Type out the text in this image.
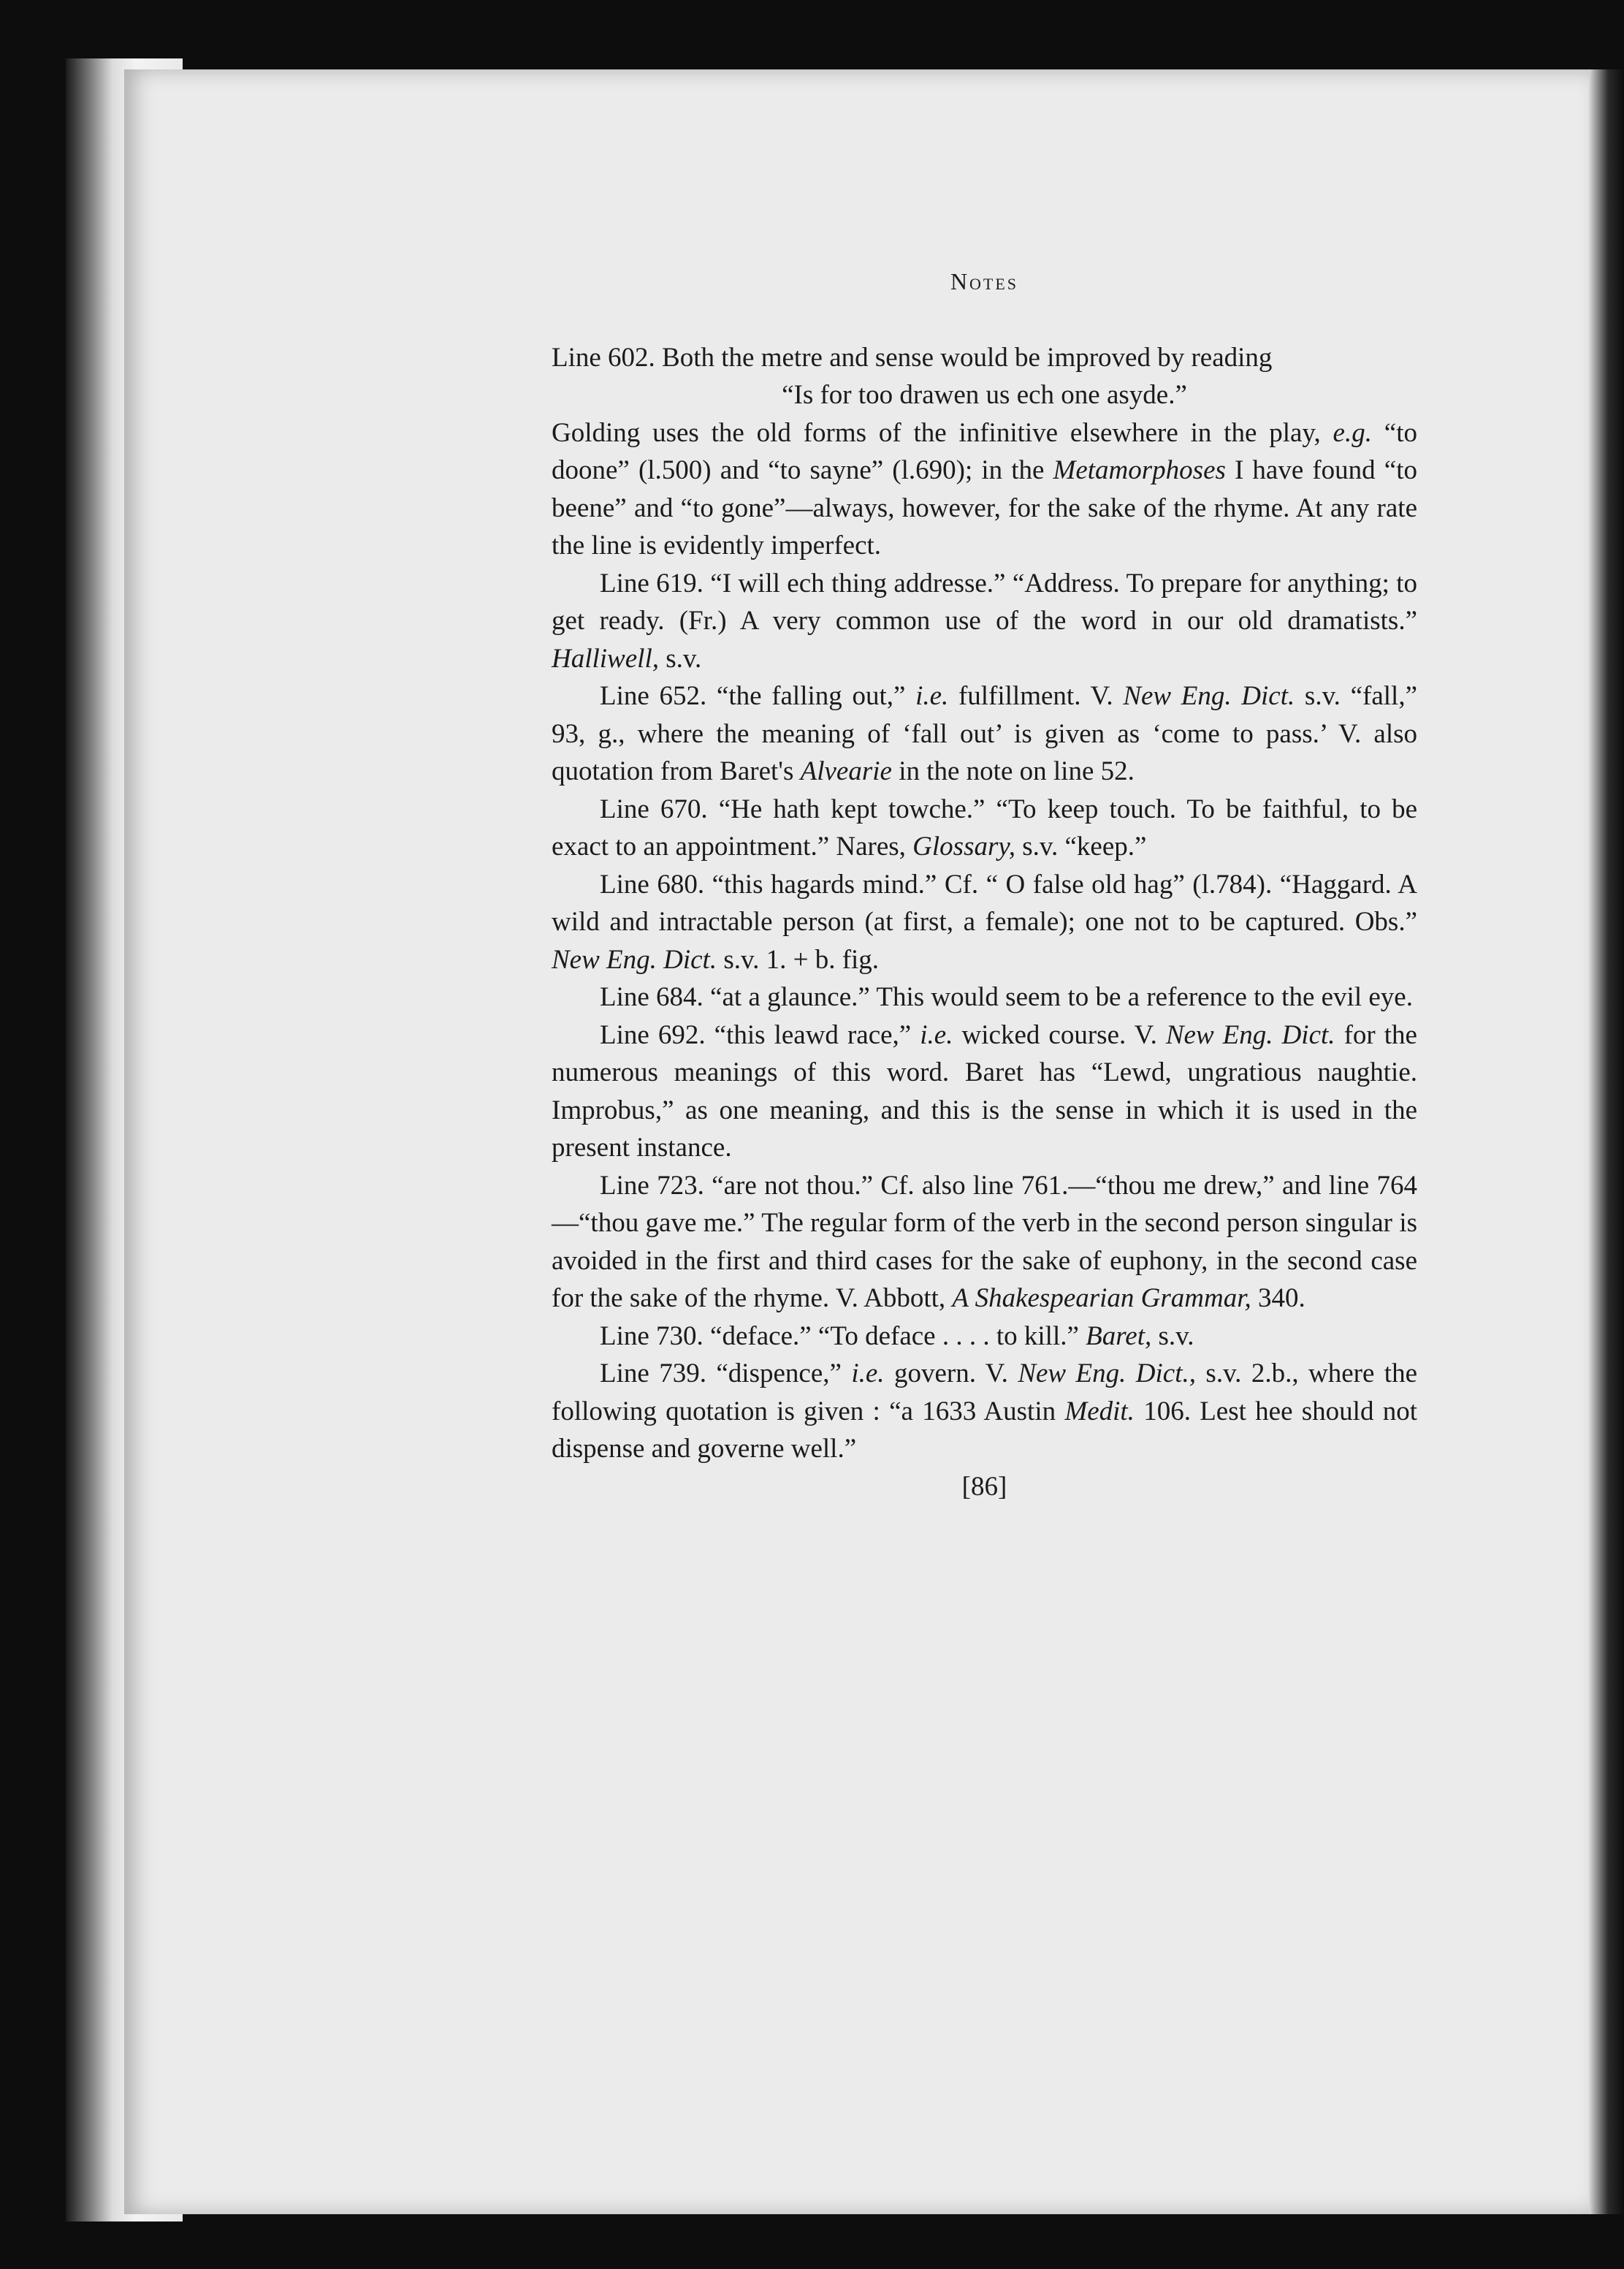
Notes

Line 602. Both the metre and sense would be improved by reading

“Is for too drawen us ech one asyde.”

Golding uses the old forms of the infinitive elsewhere in the play, e.g. “to doone” (l.500) and “to sayne” (l.690); in the Metamorphoses I have found “to beene” and “to gone”—always, however, for the sake of the rhyme. At any rate the line is evidently imperfect.

Line 619. “I will ech thing addresse.” “Address. To prepare for anything; to get ready. (Fr.) A very common use of the word in our old dramatists.” Halliwell, s.v.

Line 652. “the falling out,” i.e. fulfillment. V. New Eng. Dict. s.v. “fall,” 93, g., where the meaning of ‘fall out’ is given as ‘come to pass.’ V. also quotation from Baret's Alvearie in the note on line 52.

Line 670. “He hath kept towche.” “To keep touch. To be faithful, to be exact to an appointment.” Nares, Glossary, s.v. “keep.”

Line 680. “this hagards mind.” Cf. “ O false old hag” (l.784). “Haggard. A wild and intractable person (at first, a female); one not to be captured. Obs.” New Eng. Dict. s.v. 1. + b. fig.

Line 684. “at a glaunce.” This would seem to be a reference to the evil eye.

Line 692. “this leawd race,” i.e. wicked course. V. New Eng. Dict. for the numerous meanings of this word. Baret has “Lewd, ungratious naughtie. Improbus,” as one meaning, and this is the sense in which it is used in the present instance.

Line 723. “are not thou.” Cf. also line 761.—“thou me drew,” and line 764—“thou gave me.” The regular form of the verb in the second person singular is avoided in the first and third cases for the sake of euphony, in the second case for the sake of the rhyme. V. Abbott, A Shakespearian Grammar, 340.

Line 730. “deface.” “To deface . . . . to kill.” Baret, s.v.

Line 739. “dispence,” i.e. govern. V. New Eng. Dict., s.v. 2.b., where the following quotation is given : “a 1633 Austin Medit. 106. Lest hee should not dispense and governe well.”

[86]
